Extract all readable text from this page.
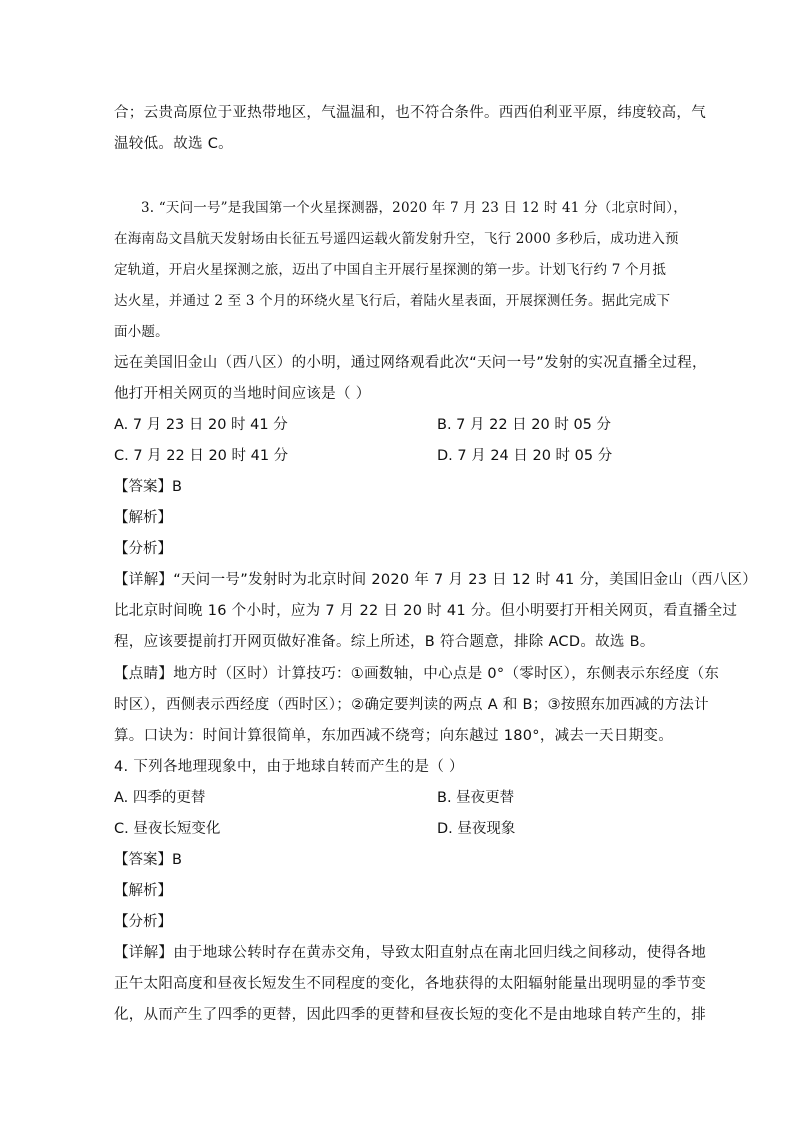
合；云贵高原位于亚热带地区，气温温和，也不符合条件。西西伯利亚平原，纬度较高，气
温较低。故选 C。
3. “天问一号”是我国第一个火星探测器，2020 年 7 月 23 日 12 时 41 分（北京时间），
在海南岛文昌航天发射场由长征五号遥四运载火箭发射升空，飞行 2000 多秒后，成功进入预
定轨道，开启火星探测之旅，迈出了中国自主开展行星探测的第一步。计划飞行约 7 个月抵
达火星，并通过 2 至 3 个月的环绕火星飞行后，着陆火星表面，开展探测任务。据此完成下
面小题。
远在美国旧金山（西八区）的小明，通过网络观看此次“天问一号”发射的实况直播全过程，
他打开相关网页的当地时间应该是（ ）
A. 7 月 23 日 20 时 41 分	B. 7 月 22 日 20 时 05 分
C. 7 月 22 日 20 时 41 分	D. 7 月 24 日 20 时 05 分
【答案】B
【解析】
【分析】
【详解】“天问一号”发射时为北京时间 2020 年 7 月 23 日 12 时 41 分，美国旧金山（西八区）
比北京时间晚 16 个小时，应为 7 月 22 日 20 时 41 分。但小明要打开相关网页，看直播全过
程，应该要提前打开网页做好准备。综上所述，B 符合题意，排除 ACD。故选 B。
【点睛】地方时（区时）计算技巧：①画数轴，中心点是 0°（零时区），东侧表示东经度（东
时区），西侧表示西经度（西时区）；②确定要判读的两点 A 和 B；③按照东加西减的方法计
算。口诀为：时间计算很简单，东加西减不绕弯；向东越过 180°，减去一天日期变。
4. 下列各地理现象中，由于地球自转而产生的是（ ）
A. 四季的更替	B. 昼夜更替
C. 昼夜长短变化	D. 昼夜现象
【答案】B
【解析】
【分析】
【详解】由于地球公转时存在黄赤交角，导致太阳直射点在南北回归线之间移动，使得各地
正午太阳高度和昼夜长短发生不同程度的变化，各地获得的太阳辐射能量出现明显的季节变
化，从而产生了四季的更替，因此四季的更替和昼夜长短的变化不是由地球自转产生的，排
